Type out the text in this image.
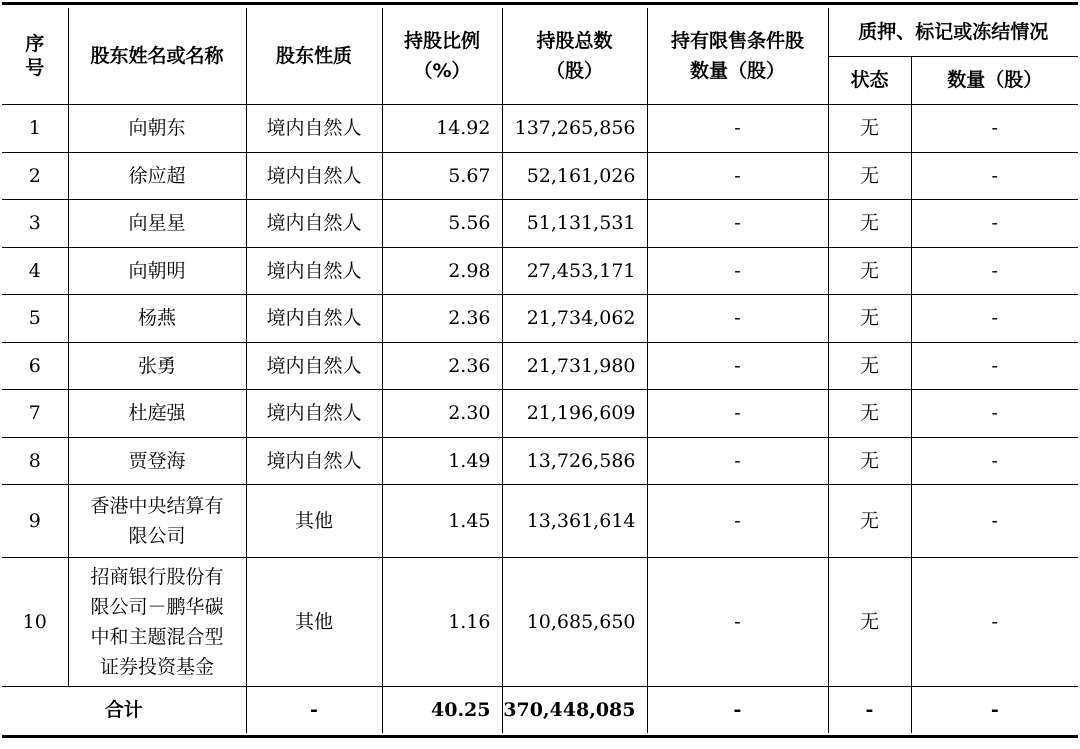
序号	股东姓名或名称	股东性质	持股比例（%）	持股总数（股）	持有限售条件股数量（股）	质押、标记或冻结情况	
						状态	数量（股）
1	向朝东	境内自然人	14.92	137,265,856	-	无	-
2	徐应超	境内自然人	5.67	52,161,026	-	无	-
3	向星星	境内自然人	5.56	51,131,531	-	无	-
4	向朝明	境内自然人	2.98	27,453,171	-	无	-
5	杨燕	境内自然人	2.36	21,734,062	-	无	-
6	张勇	境内自然人	2.36	21,731,980	-	无	-
7	杜庭强	境内自然人	2.30	21,196,609	-	无	-
8	贾登海	境内自然人	1.49	13,726,586	-	无	-
9	香港中央结算有限公司	其他	1.45	13,361,614	-	无	-
10	招商银行股份有限公司－鹏华碳中和主题混合型证券投资基金	其他	1.16	10,685,650	-	无	-
合计		-	40.25	370,448,085	-	-	-
